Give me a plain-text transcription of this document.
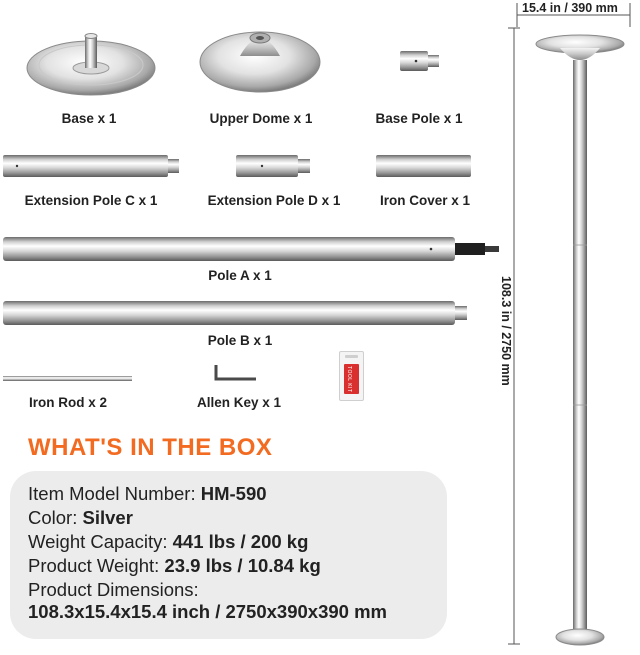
Base x 1	Upper Dome x 1	Base Pole x 1
Extension Pole C x 1	Extension Pole D x 1	Iron Cover x 1
Pole A x 1
Pole B x 1
Iron Rod x 2	Allen Key x 1
TOOL KIT
WHAT'S IN THE BOX
Item Model Number: HM-590
Color: Silver
Weight Capacity: 441 lbs / 200 kg
Product Weight: 23.9 lbs / 10.84 kg
Product Dimensions:
108.3x15.4x15.4 inch / 2750x390x390 mm
15.4 in / 390 mm
108.3 in / 2750 mm
